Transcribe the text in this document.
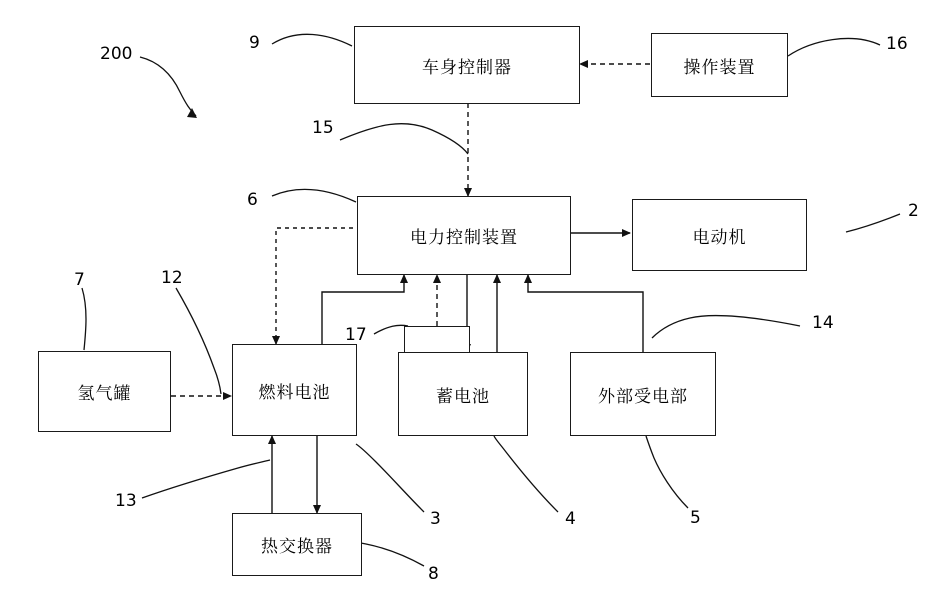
车身控制器	操作装置
电力控制装置	电动机
氢气罐	燃料电池	蓄电池	外部受电部
热交换器
200
9	16
15
6
2
7	12
17
14
13
3	4	5
8
